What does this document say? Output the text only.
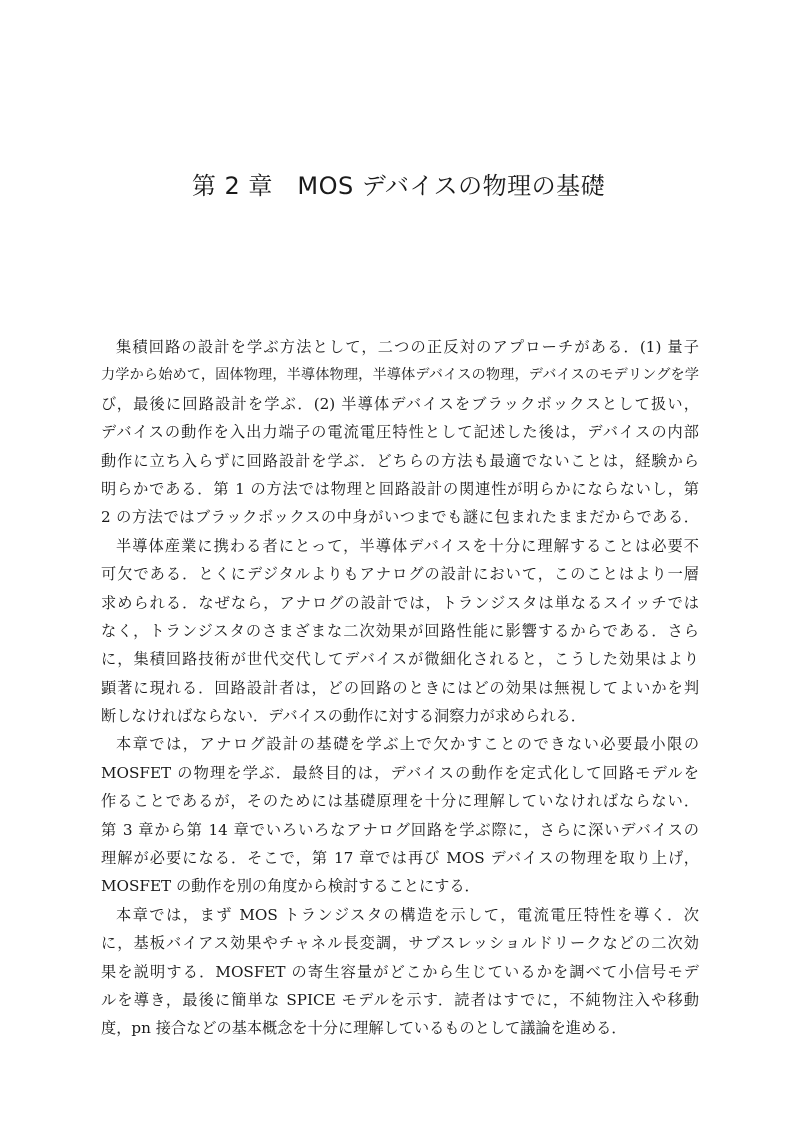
第 2 章　MOS デバイスの物理の基礎

集積回路の設計を学ぶ方法として，二つの正反対のアプローチがある．(1) 量子
力学から始めて，固体物理，半導体物理，半導体デバイスの物理，デバイスのモデリングを学
び，最後に回路設計を学ぶ．(2) 半導体デバイスをブラックボックスとして扱い，
デバイスの動作を入出力端子の電流電圧特性として記述した後は，デバイスの内部
動作に立ち入らずに回路設計を学ぶ．どちらの方法も最適でないことは，経験から
明らかである．第 1 の方法では物理と回路設計の関連性が明らかにならないし，第
2 の方法ではブラックボックスの中身がいつまでも謎に包まれたままだからである．

半導体産業に携わる者にとって，半導体デバイスを十分に理解することは必要不
可欠である．とくにデジタルよりもアナログの設計において，このことはより一層
求められる．なぜなら，アナログの設計では，トランジスタは単なるスイッチでは
なく，トランジスタのさまざまな二次効果が回路性能に影響するからである．さら
に，集積回路技術が世代交代してデバイスが微細化されると，こうした効果はより
顕著に現れる．回路設計者は，どの回路のときにはどの効果は無視してよいかを判
断しなければならない．デバイスの動作に対する洞察力が求められる．

本章では，アナログ設計の基礎を学ぶ上で欠かすことのできない必要最小限の
MOSFET の物理を学ぶ．最終目的は，デバイスの動作を定式化して回路モデルを
作ることであるが，そのためには基礎原理を十分に理解していなければならない．
第 3 章から第 14 章でいろいろなアナログ回路を学ぶ際に，さらに深いデバイスの
理解が必要になる．そこで，第 17 章では再び MOS デバイスの物理を取り上げ，
MOSFET の動作を別の角度から検討することにする．

本章では，まず MOS トランジスタの構造を示して，電流電圧特性を導く．次
に，基板バイアス効果やチャネル長変調，サブスレッショルドリークなどの二次効
果を説明する．MOSFET の寄生容量がどこから生じているかを調べて小信号モデ
ルを導き，最後に簡単な SPICE モデルを示す．読者はすでに，不純物注入や移動
度，pn 接合などの基本概念を十分に理解しているものとして議論を進める．
